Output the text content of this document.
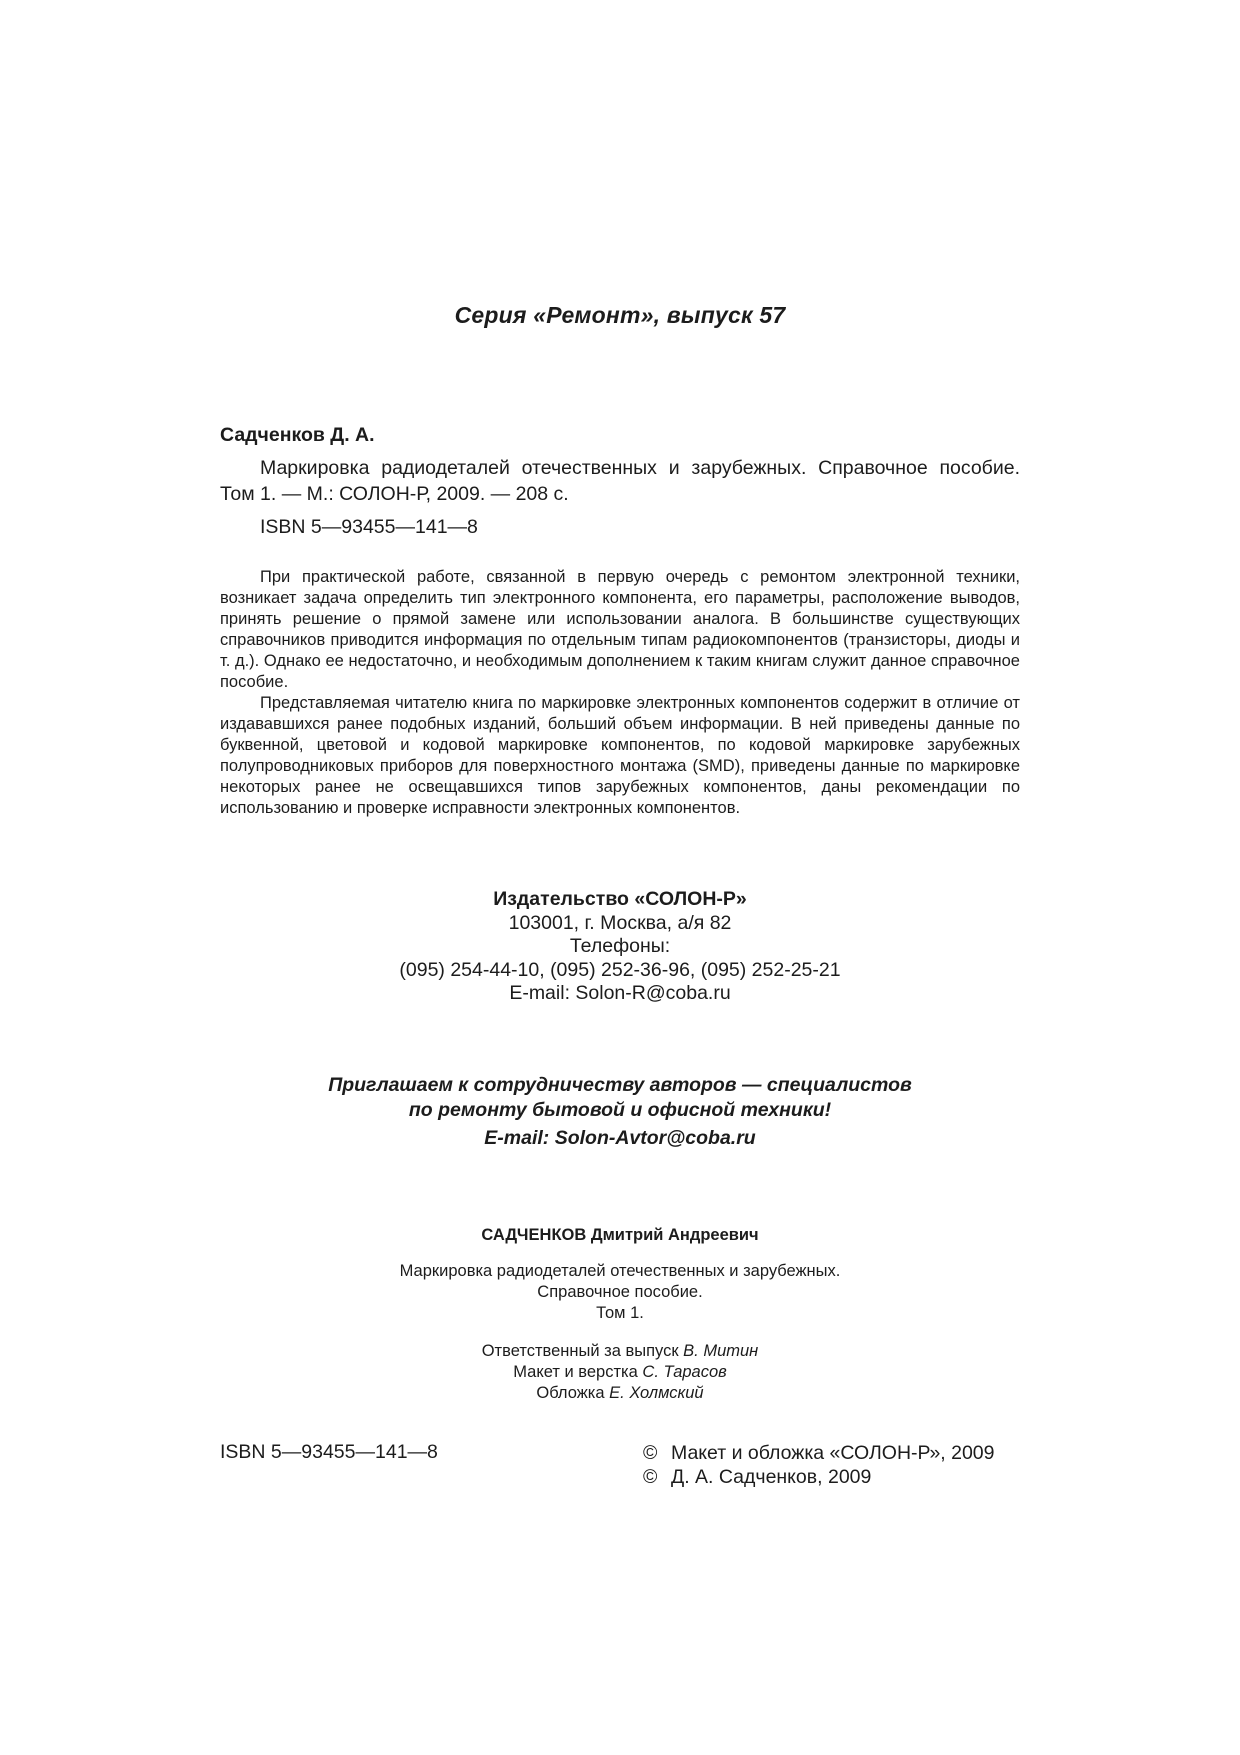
Серия «Ремонт», выпуск 57
Садченков Д. А.
Маркировка радиодеталей отечественных и зарубежных. Справочное пособие. Том 1. — М.: СОЛОН-Р, 2009. — 208 с.
ISBN 5—93455—141—8

При практической работе, связанной в первую очередь с ремонтом электронной техники, возникает задача определить тип электронного компонента, его параметры, расположение выводов, принять решение о прямой замене или использовании аналога. В большинстве существующих справочников приводится информация по отдельным типам радиокомпонентов (транзисторы, диоды и т. д.). Однако ее недостаточно, и необходимым дополнением к таким книгам служит данное справочное пособие.

Представляемая читателю книга по маркировке электронных компонентов содержит в отличие от издававшихся ранее подобных изданий, больший объем информации. В ней приведены данные по буквенной, цветовой и кодовой маркировке компонентов, по кодовой маркировке зарубежных полупроводниковых приборов для поверхностного монтажа (SMD), приведены данные по маркировке некоторых ранее не освещавшихся типов зарубежных компонентов, даны рекомендации по использованию и проверке исправности электронных компонентов.

Издательство «СОЛОН-Р»
103001, г. Москва, а/я 82
Телефоны:
(095) 254-44-10, (095) 252-36-96, (095) 252-25-21
E-mail: Solon-R@coba.ru
Приглашаем к сотрудничеству авторов — специалистов
по ремонту бытовой и офисной техники!
E-mail: Solon-Avtor@coba.ru
САДЧЕНКОВ Дмитрий Андреевич
Маркировка радиодеталей отечественных и зарубежных.
Справочное пособие.
Том 1.
Ответственный за выпуск В. Митин
Макет и верстка С. Тарасов
Обложка Е. Холмский
ISBN 5—93455—141—8	© Макет и обложка «СОЛОН-Р», 2009
© Д. А. Садченков, 2009
